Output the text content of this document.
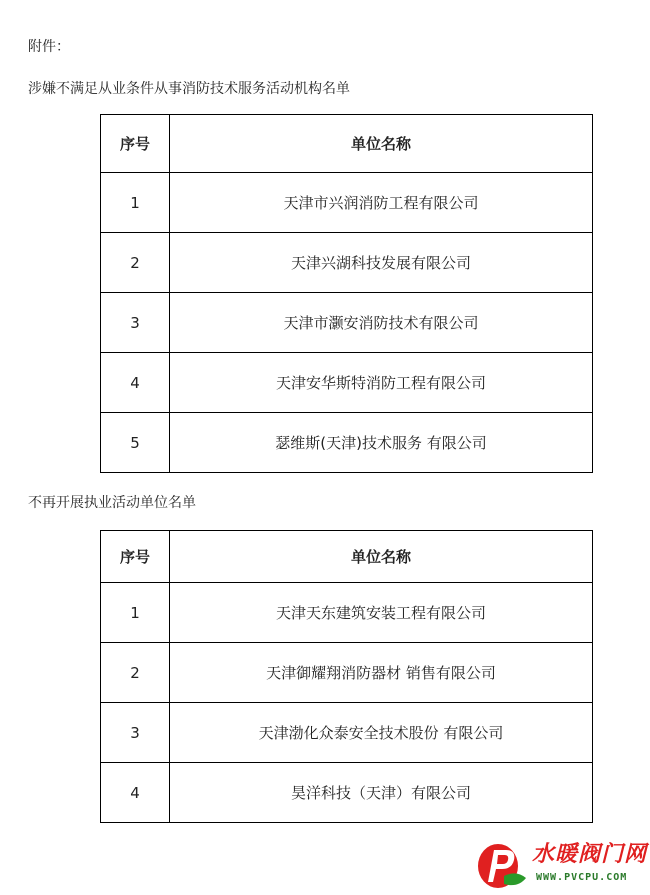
附件：
涉嫌不满足从业条件从事消防技术服务活动机构名单
序号	单位名称
1	天津市兴润消防工程有限公司
2	天津兴湖科技发展有限公司
3	天津市灏安消防技术有限公司
4	天津安华斯特消防工程有限公司
5	瑟维斯(天津)技术服务 有限公司
不再开展执业活动单位名单
序号	单位名称
1	天津天东建筑安装工程有限公司
2	天津御耀翔消防器材 销售有限公司
3	天津渤化众泰安全技术股份 有限公司
4	昊洋科技（天津）有限公司
水暖阀门网
WWW.PVCPU.COM
